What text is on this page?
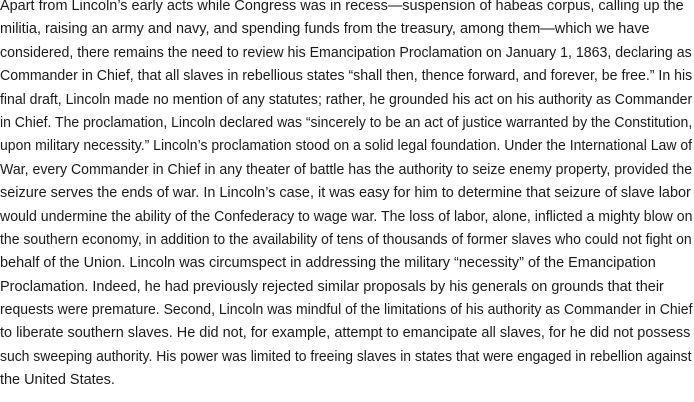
Apart from Lincoln’s early acts while Congress was in recess—suspension of habeas corpus, calling up the
militia, raising an army and navy, and spending funds from the treasury, among them—which we have
considered, there remains the need to review his Emancipation Proclamation on January 1, 1863, declaring as
Commander in Chief, that all slaves in rebellious states “shall then, thence forward, and forever, be free.” In his
final draft, Lincoln made no mention of any statutes; rather, he grounded his act on his authority as Commander
in Chief. The proclamation, Lincoln declared was “sincerely to be an act of justice warranted by the Constitution,
upon military necessity.” Lincoln’s proclamation stood on a solid legal foundation. Under the International Law of
War, every Commander in Chief in any theater of battle has the authority to seize enemy property, provided the
seizure serves the ends of war. In Lincoln’s case, it was easy for him to determine that seizure of slave labor
would undermine the ability of the Confederacy to wage war. The loss of labor, alone, inflicted a mighty blow on
the southern economy, in addition to the availability of tens of thousands of former slaves who could not fight on
behalf of the Union. Lincoln was circumspect in addressing the military “necessity” of the Emancipation
Proclamation. Indeed, he had previously rejected similar proposals by his generals on grounds that their
requests were premature. Second, Lincoln was mindful of the limitations of his authority as Commander in Chief
to liberate southern slaves. He did not, for example, attempt to emancipate all slaves, for he did not possess
such sweeping authority. His power was limited to freeing slaves in states that were engaged in rebellion against
the United States.
